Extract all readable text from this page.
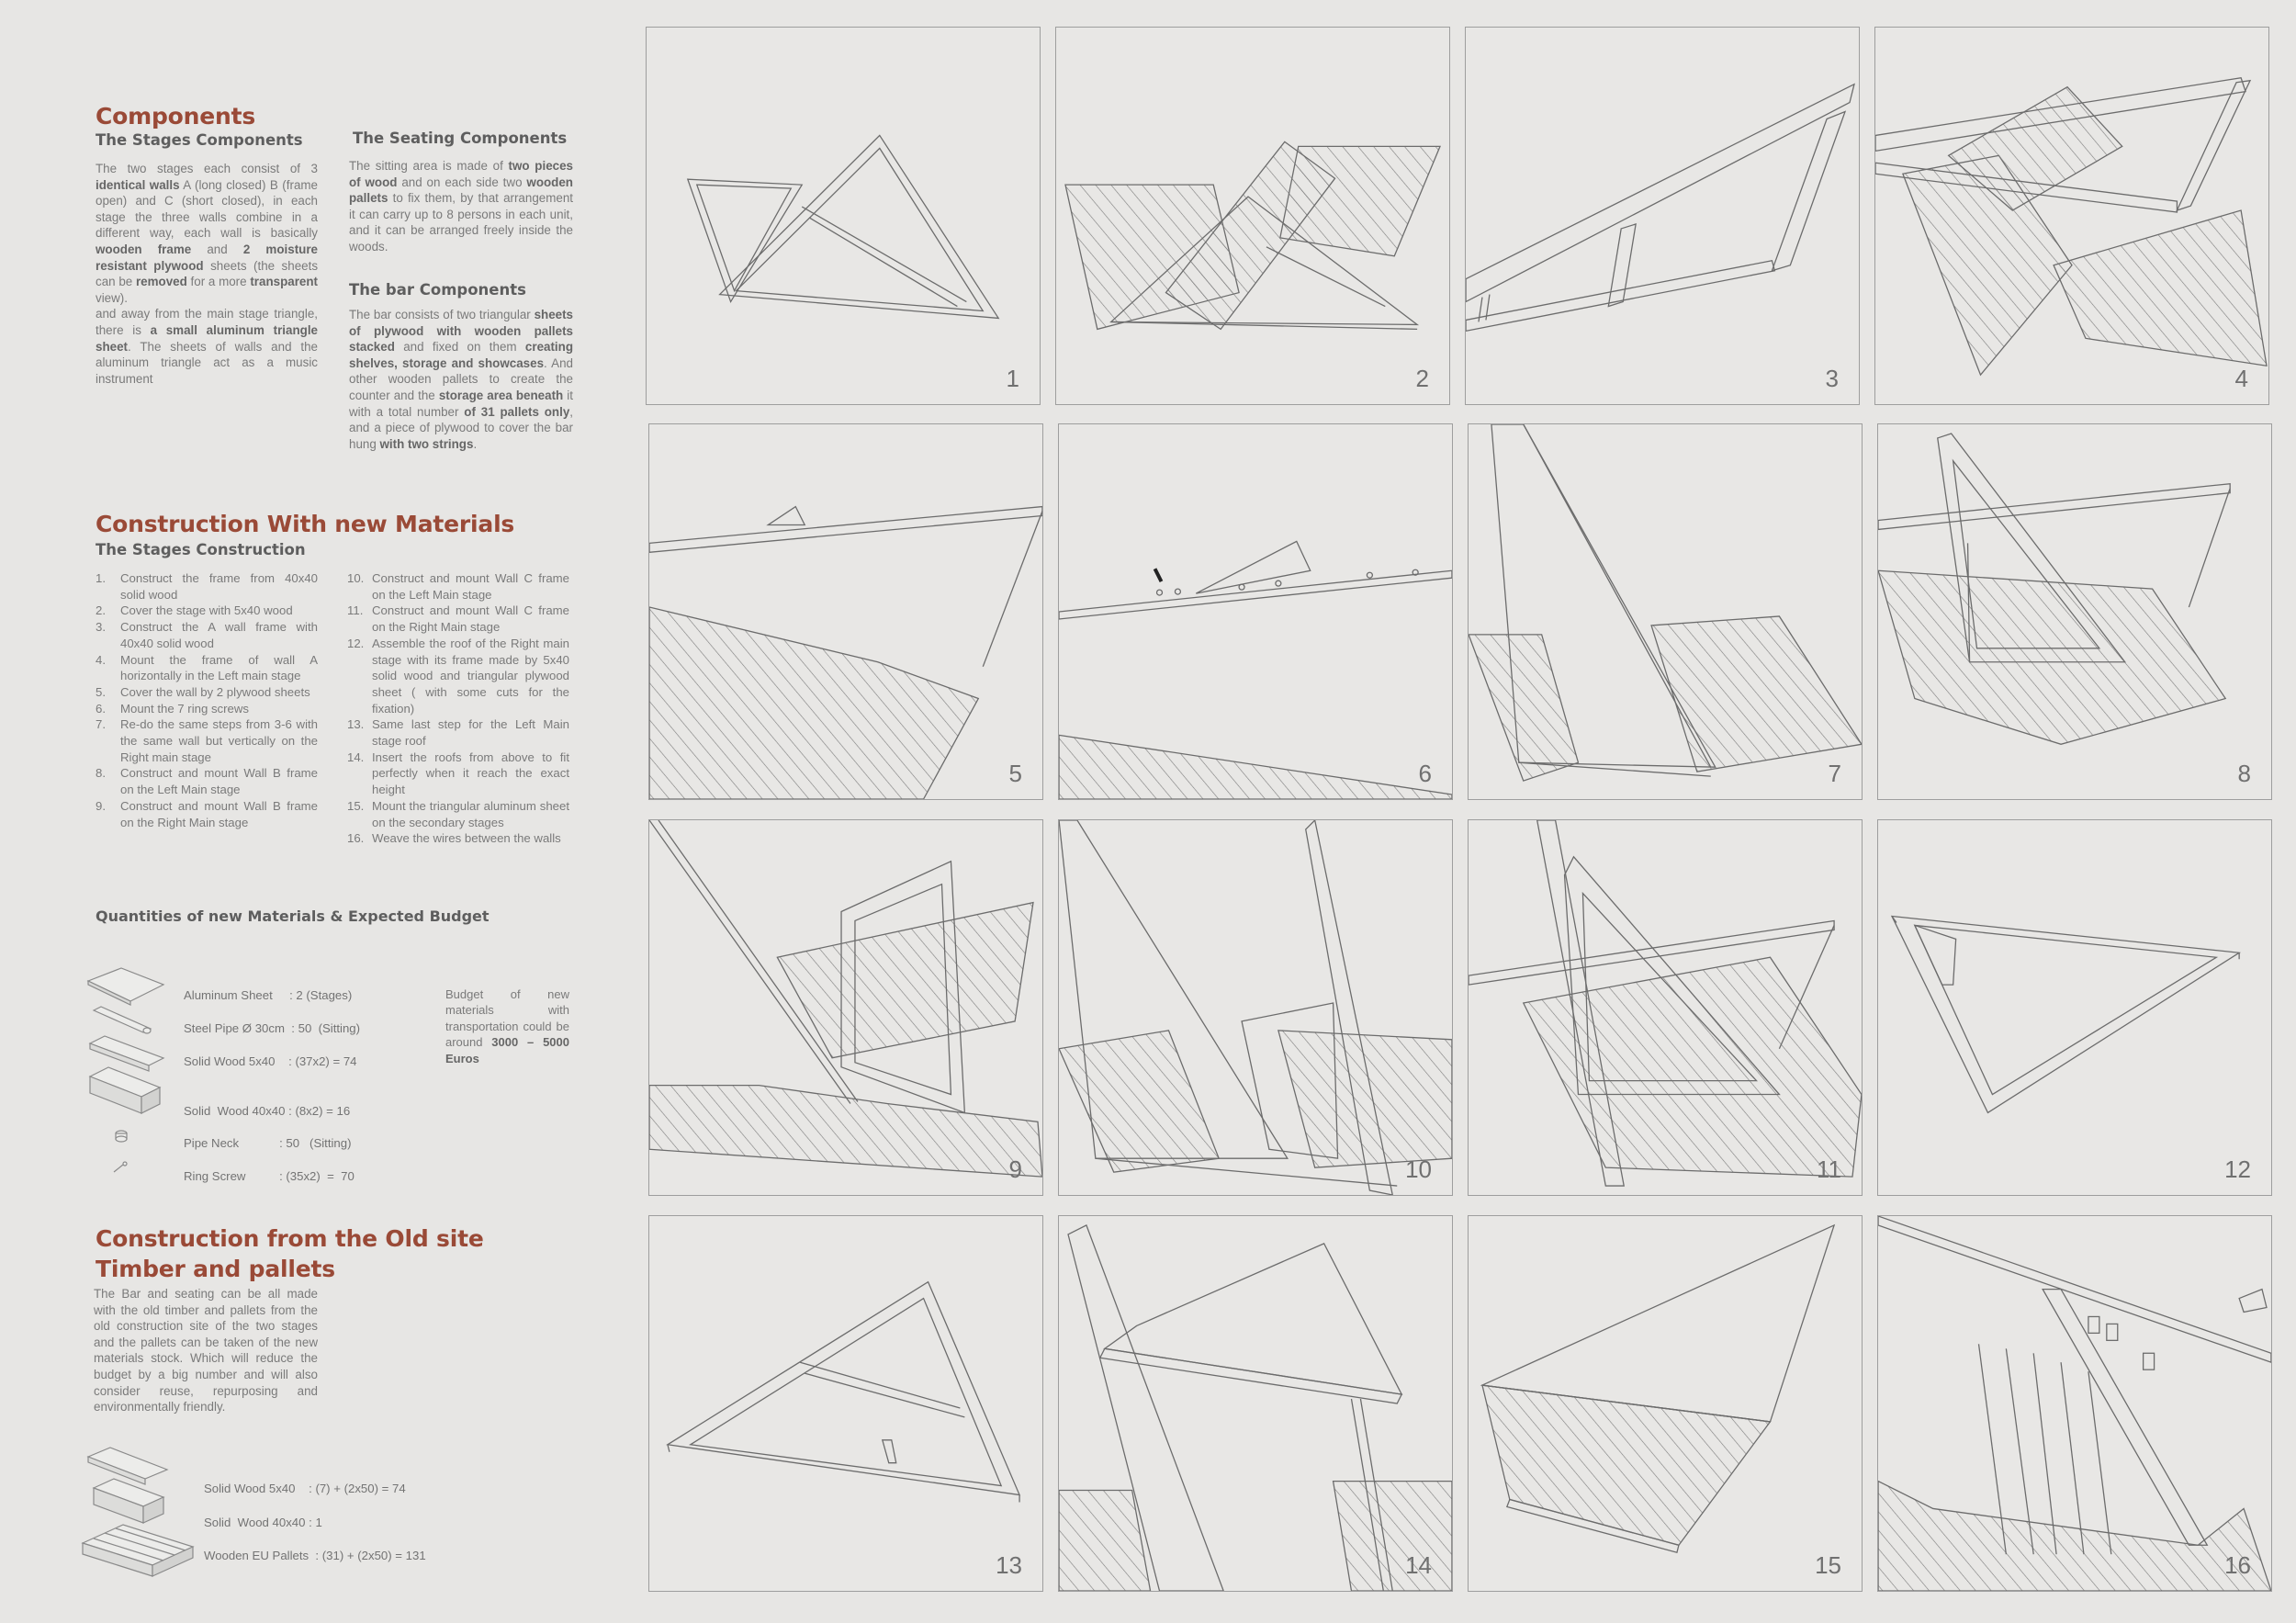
Components
The Stages Components

The two stages each consist of 3 identical walls A (long closed) B (frame open) and C (short closed), in each stage the three walls combine in a different way, each wall is basically wooden frame and 2 moisture resistant plywood sheets (the sheets can be removed for a more transparent view).
and away from the main stage triangle, there is a small aluminum triangle sheet. The sheets of walls and the aluminum triangle act as a music instrument

The Seating Components

The sitting area is made of two pieces of wood and on each side two wooden pallets to fix them, by that arrangement it can carry up to 8 persons in each unit, and it can be arranged freely inside the woods.

The bar Components

The bar consists of two triangular sheets of plywood with wooden pallets stacked and fixed on them creating shelves, storage and showcases. And other wooden pallets to create the counter and the storage area beneath it with a total number of 31 pallets only, and a piece of plywood to cover the bar hung with two strings.

Construction With new Materials
The Stages Construction
1. Construct the frame from 40x40 solid wood
2. Cover the stage with 5x40 wood
3. Construct the A wall frame with 40x40 solid wood
4. Mount the frame of wall A horizontally in the Left main stage
5. Cover the wall by 2 plywood sheets
6. Mount the 7 ring screws
7. Re-do the same steps from 3-6 with the same wall but vertically on the Right main stage
8. Construct and mount Wall B frame on the Left Main stage
9. Construct and mount Wall B frame on the Right Main stage
10. Construct and mount Wall C frame on the Left Main stage
11. Construct and mount Wall C frame on the Right Main stage
12. Assemble the roof of the Right main stage with its frame made by 5x40 solid wood and triangular plywood sheet ( with some cuts for the fixation)
13. Same last step for the Left Main stage roof
14. Insert the roofs from above to fit perfectly when it reach the exact height
15. Mount the triangular aluminum sheet on the secondary stages
16. Weave the wires between the walls
Quantities of new Materials & Expected Budget
Aluminum Sheet     : 2 (Stages)
Steel Pipe Ø 30cm  : 50  (Sitting)
Solid Wood 5x40    : (37x2) = 74
Solid  Wood 40x40 : (8x2) = 16
Pipe Neck            : 50   (Sitting)
Ring Screw          : (35x2)  =  70

Budget of new materials with transportation could be around 3000 – 5000 Euros

Construction from the Old site
Timber and pallets

The Bar and seating can be all made with the old timber and pallets from the old construction site of the two stages and the pallets can be taken of the new materials stock. Which will reduce the budget by a big number and will also consider reuse, repurposing and environmentally friendly.

Solid Wood 5x40    : (7) + (2x50) = 74
Solid  Wood 40x40 : 1
Wooden EU Pallets  : (31) + (2x50) = 131
1	2	3	4
5	6	7	8
9	10	11	12
13	14	15	16
